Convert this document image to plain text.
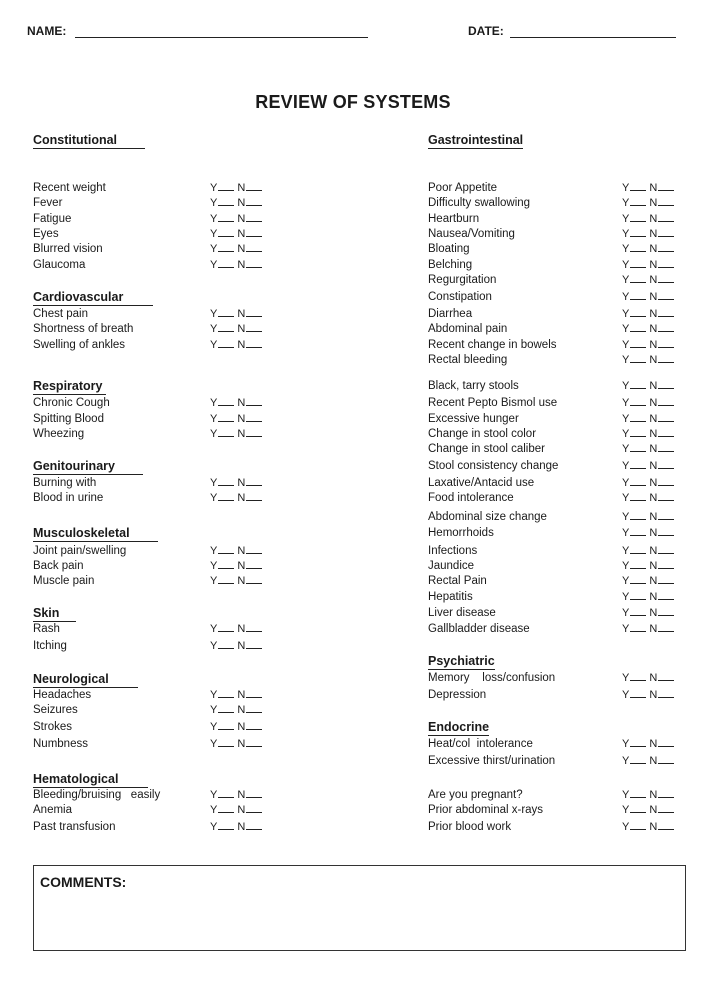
NAME:	DATE:
REVIEW OF SYSTEMS
Constitutional
Recent weight	Y N
Fever	Y N
Fatigue	Y N
Eyes	Y N
Blurred vision	Y N
Glaucoma	Y N
Cardiovascular
Chest pain	Y N
Shortness of breath	Y N
Swelling of ankles	Y N
Respiratory
Chronic Cough	Y N
Spitting Blood	Y N
Wheezing	Y N
Genitourinary
Burning with	Y N
Blood in urine	Y N
Musculoskeletal
Joint pain/swelling	Y N
Back pain	Y N
Muscle pain	Y N
Skin
Rash	Y N
Itching	Y N
Neurological
Headaches	Y N
Seizures	Y N
Strokes	Y N
Numbness	Y N
Hematological
Bleeding/bruising   easily	Y N
Anemia	Y N
Past transfusion	Y N
Gastrointestinal
Poor Appetite	Y N
Difficulty swallowing	Y N
Heartburn	Y N
Nausea/Vomiting	Y N
Bloating	Y N
Belching	Y N
Regurgitation	Y N
Constipation	Y N
Diarrhea	Y N
Abdominal pain	Y N
Recent change in bowels	Y N
Rectal bleeding	Y N
Black, tarry stools	Y N
Recent Pepto Bismol use	Y N
Excessive hunger	Y N
Change in stool color	Y N
Change in stool caliber	Y N
Stool consistency change	Y N
Laxative/Antacid use	Y N
Food intolerance	Y N
Abdominal size change	Y N
Hemorrhoids	Y N
Infections	Y N
Jaundice	Y N
Rectal Pain	Y N
Hepatitis	Y N
Liver disease	Y N
Gallbladder disease	Y N
Psychiatric
Memory    loss/confusion	Y N
Depression	Y N
Endocrine
Heat/col  intolerance	Y N
Excessive thirst/urination	Y N
Are you pregnant?	Y N
Prior abdominal x-rays	Y N
Prior blood work	Y N
COMMENTS:
